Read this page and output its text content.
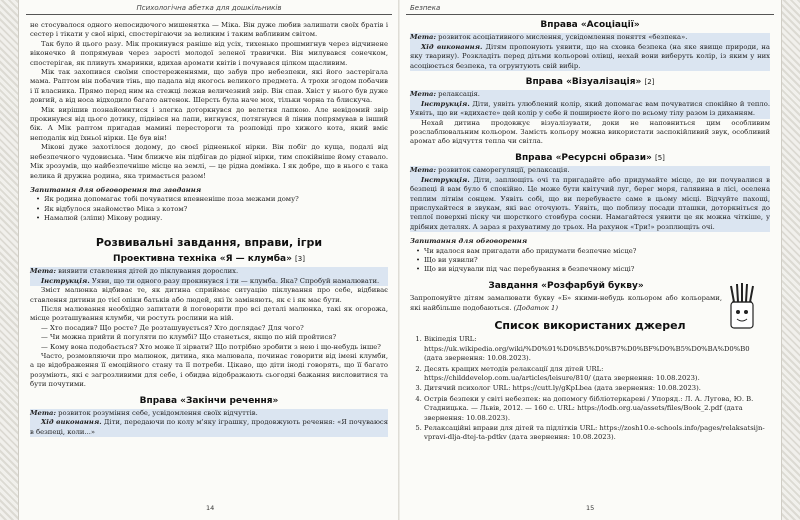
Психологічна абетка для дошкільників

не стосувалося одного непосидючого мишенятка — Міка. Він дуже любив залишати своїх братів і сестер і тікати у свої ніркі, спостерігаючи за великим і таким вабливим світом.

Так було й цього разу. Мік прокинувся раніше від усіх, тихенько прошмигнув через відчинене віконечко й попрямував через зарості молодої зеленої травички. Він милувався сонечком, спостерігав, як пливуть хмаринки, вдихав аромати квітів і почувався цілком щасливим.

Мік так захопився своїми спостереженнями, що забув про небезпеки, які його застерігала мама. Раптом він побачив тінь, що падала від якогось великого предмета. А трохи згодом побачив і її власника. Прямо перед ним на стежці лежав величезний звір. Він спав. Хвіст у нього був дуже довгий, а від носа відходило багато антенок. Шерсть була наче мох, тільки чорна та блискуча.

Мік вирішив познайомитися і злегка доторкнувся до велетня лапкою. Але невідомий звір прокинувся від цього дотику, підвівся на лапи, вигнувся, потягнувся й лінив попрямував в інший бік. А Мік раптом пригадав мамині перестороги та розповіді про хижого кота, який вміє неподалік від їхньої нірки. Це був він!

Мікові дуже захотілося додому, до своєї рідненької нірки. Він побіг до куща, подалі від небезпечного чудовиська. Чим ближче він підбігав до рідної нірки, тим спокійніше йому ставало. Мік зрозумів, що найбезпечніше місце на землі, — це рідна домівка. І як добре, що в нього є така велика й дружна родина, яка тримається разом!

Запитання для обговорення та завдання

• Як родина допомагає тобі почуватися впевненіше поза межами дому?
• Як відбулося знайомство Міка з котом?
• Намалюй (зліпи) Мікову родину.
Розвивальні завдання, вправи, ігри
Проективна техніка «Я — клумба» [3]

Мета: виявити ставлення дітей до піклування дорослих.

Інструкція. Уяви, що ти одного разу прокинувся і ти — клумба. Яка? Спробуй намалювати.

Зміст малюнка відбиває те, як дитина сприймає ситуацію піклування про себе, відбиває ставлення дитини до тієї опіки батьків або людей, які їх заміняють, як є і як має бути.

Після малювання необхідно запитати й поговорити про всі деталі малюнка, такі як огорожа, місце розташування клумби, чи ростуть рослини на ній.

— Хто посадив? Що росте? Де розташувується? Хто доглядає? Для чого?

— Чи можна прийти й погуляти по клумбі? Що станеться, якщо по ній пройтися?

— Кому вона подобається? Хто може її зірвати? Що потрібно зробити з нею і що-небудь інше?

Часто, розмовляючи про малюнок, дитина, яка малювала, починає говорити від імені клумби, а це відображення її емоційного стану та її потреби. Цікаво, що діти іноді говорять, що її багато розуміють, які є загрозливими для себе, і обидва відображають сьогодні бажання висловитися та бути почутими.

Вправа «Закінчи речення»

Мета: розвиток розуміння себе, усвідомлення своїх відчуттів.

Хід виконання. Діти, передаючи по колу м'яку іграшку, продовжують речення: «Я почуваюся в безпеці, коли...»

14
Безпека
Вправа «Асоціації»

Мета: розвиток асоціативного мислення, усвідомлення поняття «безпека».

Хід виконання. Дітям пропонують уявити, що на сховка безпека (на яке явище природи, на яку тварину). Розкладіть перед дітьми кольорові олівці, нехай вони виберуть колір, із яким у них асоціюється безпека, та огрунтують свій вибір.

Вправа «Візуалізація» [2]

Мета: релаксація.

Інструкція. Діти, уявіть улюблений колір, який допомагає вам почуватися спокійно й тепло. Уявіть, що ви «вдихаєте» цей колір у себе й поширюєте його по всьому тілу разом із диханням.

Нехай дитина продовжує візуалізувати, доки не наповниться цим особливим розслаблювальним кольором. Замість кольору можна використати заспокійливий звук, особливий аромат або відчуття тепла чи світла.

Вправа «Ресурсні образи» [5]

Мета: розвиток саморегуляції, релаксація.

Інструкція. Діти, заплющіть очі та пригадайте або придумайте місце, де ви почувалися в безпеці й вам було б спокійно. Це може бути квітучий луг, берег моря, галявина в лісі, оселена теплим літнім сонцем. Уявіть собі, що ви перебуваєте саме в цьому місці. Відчуйте пахощі, прислухайтеся в звукам, які вас оточують. Уявіть, що поблизу посади пташки, доторкніться до теплої поверхні піску чи шорсткого стовбура сосни. Намагайтеся уявити це як можна чіткіше, у дрібних деталях. А зараз я рахуватиму до трьох. На рахунок «Три!» розплющіть очі.

Запитання для обговорення

• Чи вдалося вам пригадати або придумати безпечне місце?
• Що ви уявили?
• Що ви відчували під час перебування в безпечному місці?
Завдання «Розфарбуй букву»

Запропонуйте дітям замалювати букву «Б» якими-небудь кольором або кольорами, які найбільше подобаються. (Додаток 1)

Список використаних джерел
1. Вікіпедія URL: https://uk.wikipedia.org/wiki/%D0%91%D0%B5%D0%B7%D0%BF%D0%B5%D0%BA%D0%B0 (дата звернення: 10.08.2023).
2. Десять кращих методів релаксації для дітей URL: https://childdevelop.com.ua/articles/leisure/810/ (дата звернення: 10.08.2023).
3. Дитячий психолог URL: https://cutt.ly/gKpLbea (дата звернення: 10.08.2023).
4. Острів безпеки у світі небезпек: на допомогу бібліотеркареві / Упоряд.: Л. А. Лугова, Ю. В. Стадницька. — Львів, 2012. — 160 с. URL: https://lodb.org.ua/assets/files/Book_2.pdf (дата звернення: 10.08.2023).
5. Релаксаційні вправи для дітей та підлітків URL: https://zosh10.e-schools.info/pages/relaksatsijn-vpravi-dlja-dtej-ta-pdtkv (дата звернення: 10.08.2023).
15
